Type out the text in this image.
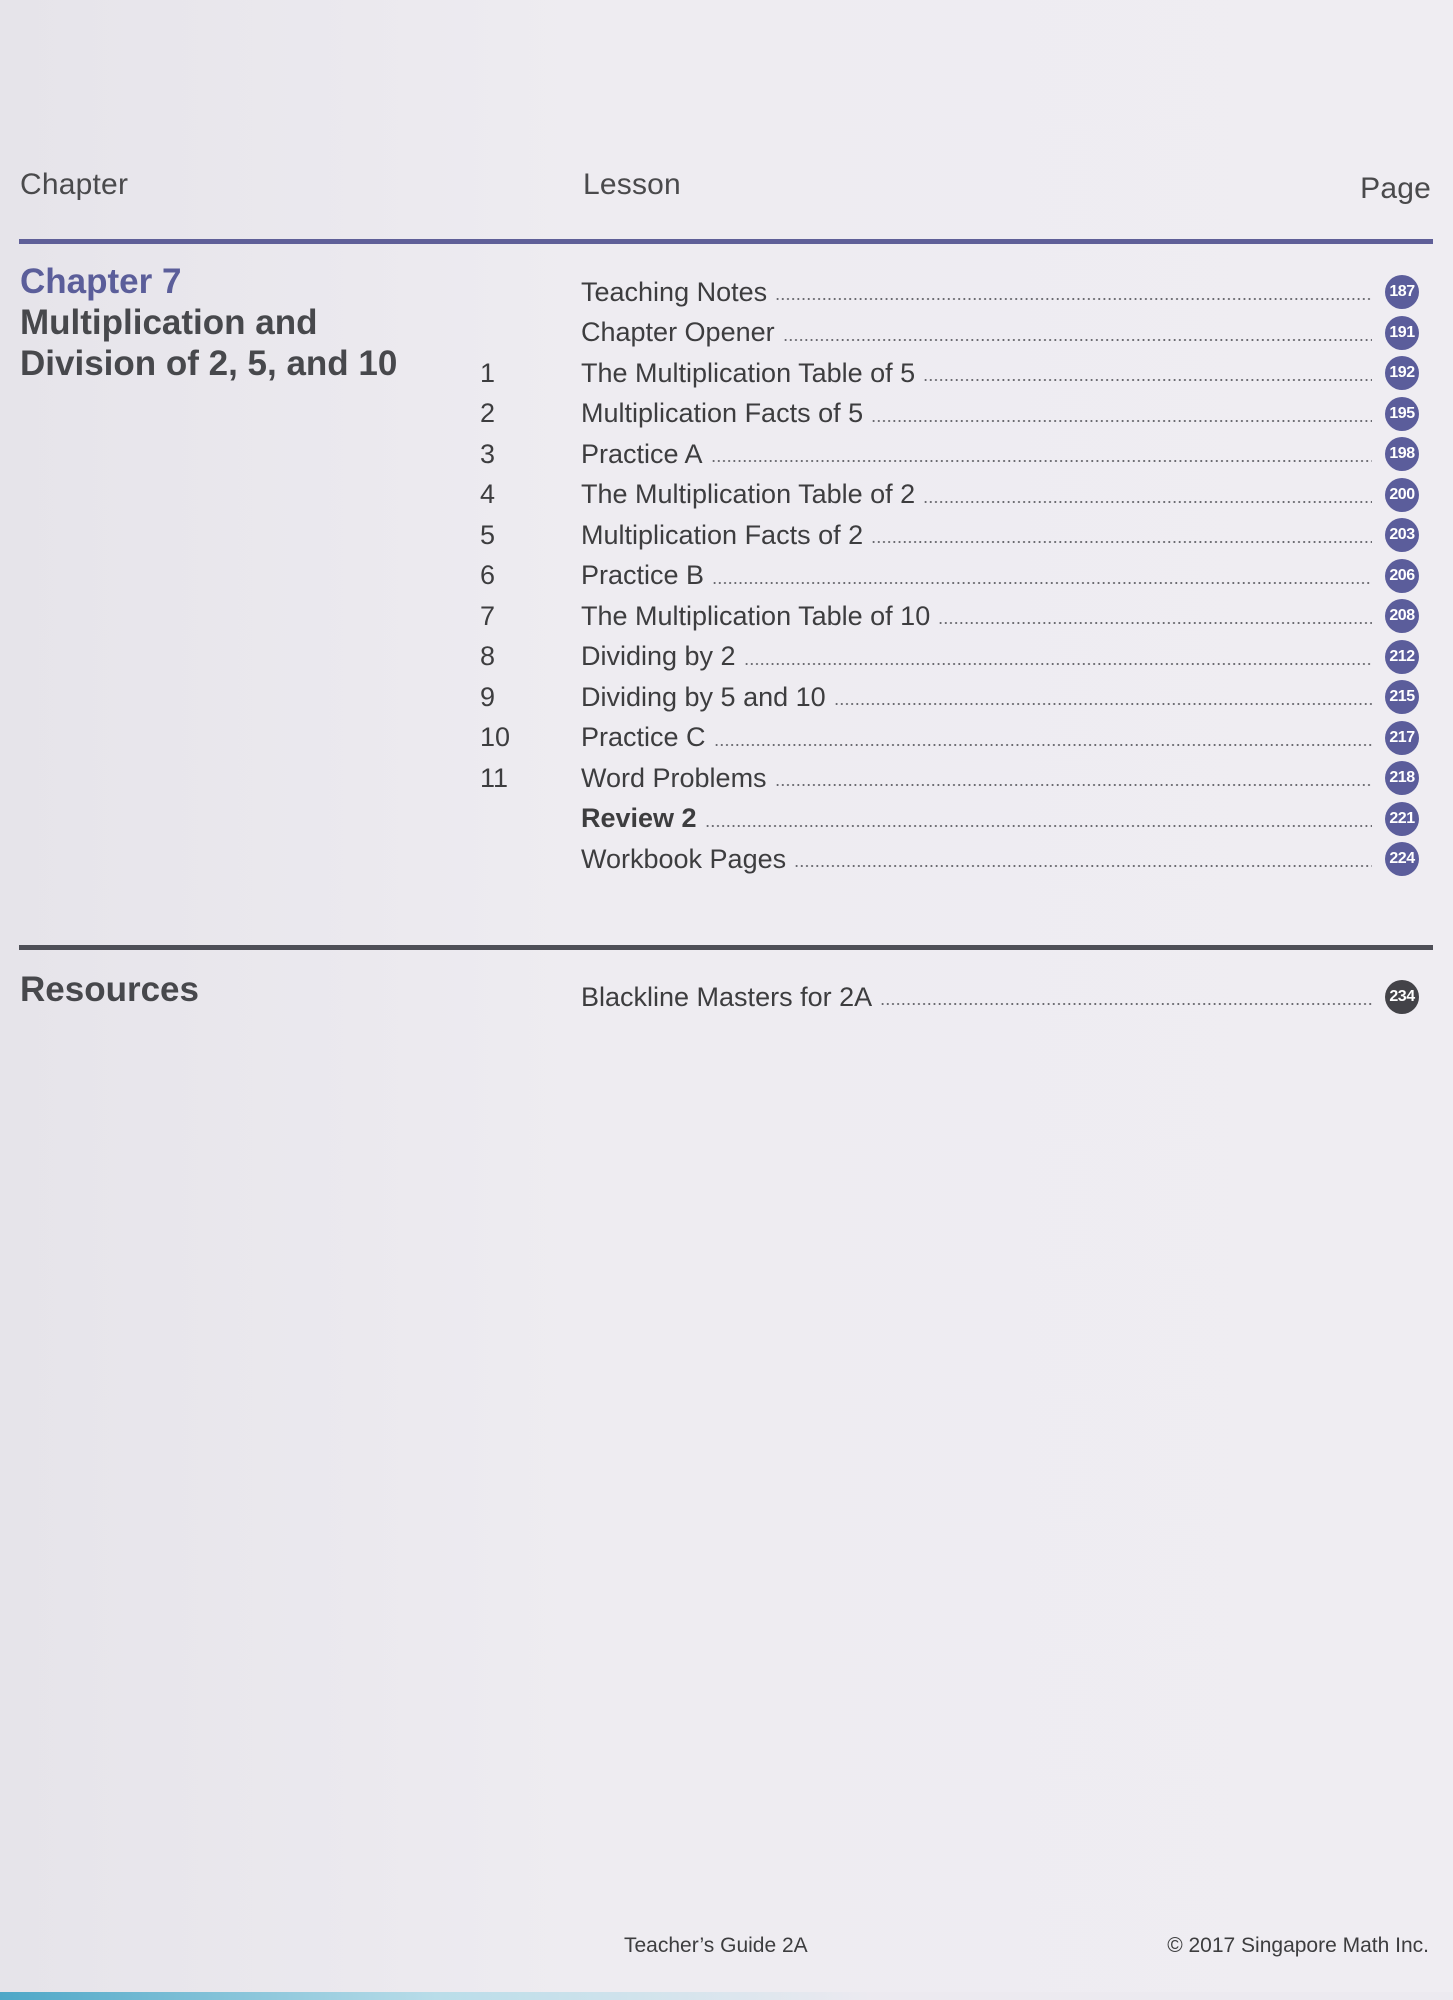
Chapter	Lesson	Page
Chapter 7
Multiplication and Division of 2, 5, and 10
Teaching Notes	187
Chapter Opener	191
1	The Multiplication Table of 5	192
2	Multiplication Facts of 5	195
3	Practice A	198
4	The Multiplication Table of 2	200
5	Multiplication Facts of 2	203
6	Practice B	206
7	The Multiplication Table of 10	208
8	Dividing by 2	212
9	Dividing by 5 and 10	215
10	Practice C	217
11	Word Problems	218
Review 2	221
Workbook Pages	224
Resources	Blackline Masters for 2A	234
Teacher’s Guide 2A	© 2017 Singapore Math Inc.
